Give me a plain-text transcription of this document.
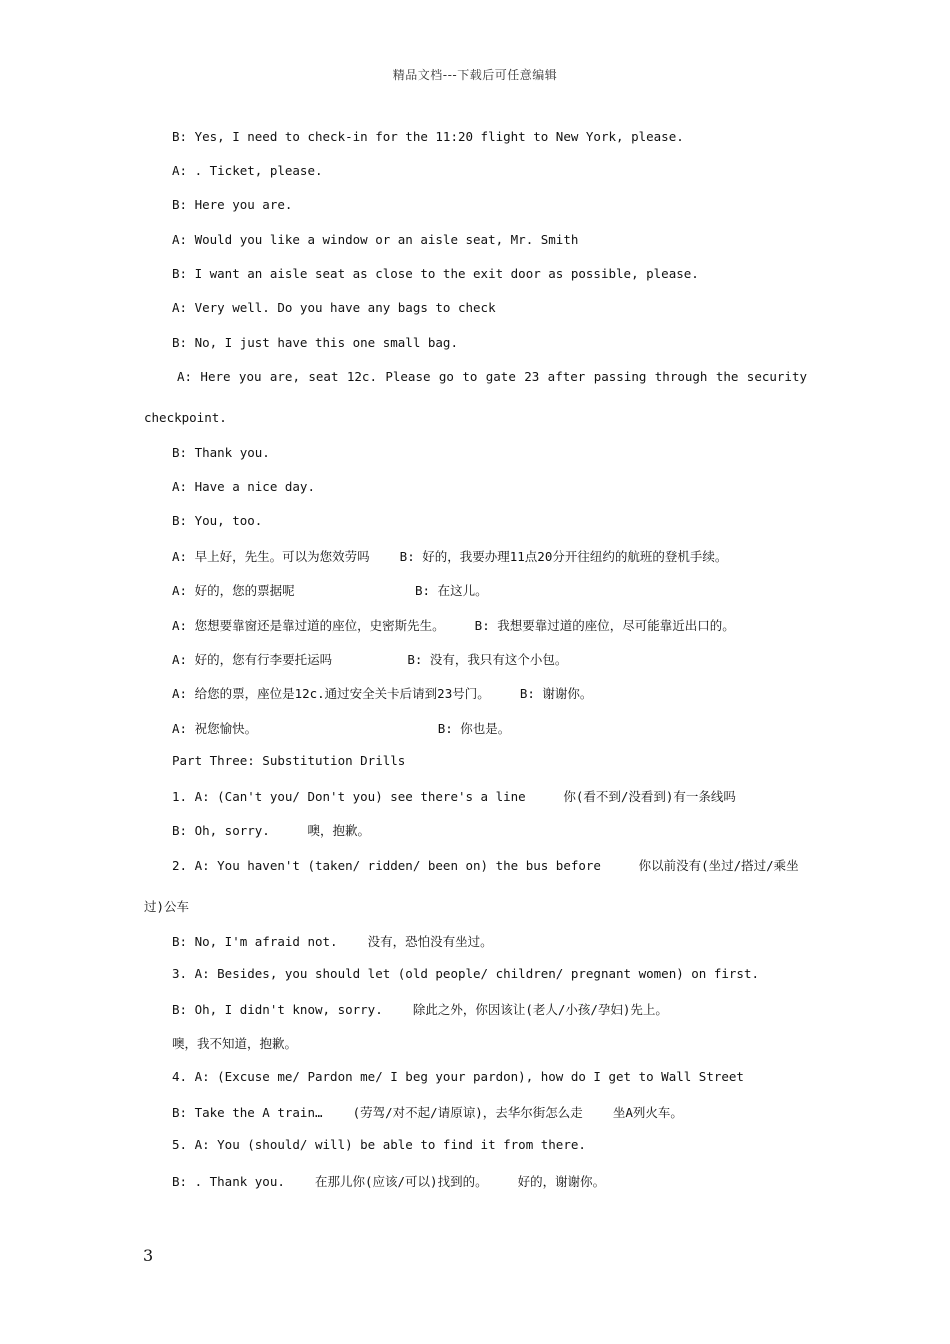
精品文档---下载后可任意编辑
B: Yes, I need to check-in for the 11:20 flight to New York, please.
A: . Ticket, please.
B: Here you are.
A: Would you like a window or an aisle seat, Mr. Smith
B: I want an aisle seat as close to the exit door as possible, please.
A: Very well. Do you have any bags to check
B: No, I just have this one small bag.
A: Here you are, seat 12c. Please go to gate 23 after passing through the security
checkpoint.
B: Thank you.
A: Have a nice day.
B: You, too.
A: 早上好，先生。可以为您效劳吗    B: 好的，我要办理11点20分开往纽约的航班的登机手续。
A: 好的，您的票据呢                B: 在这儿。
A: 您想要靠窗还是靠过道的座位，史密斯先生。    B: 我想要靠过道的座位，尽可能靠近出口的。
A: 好的，您有行李要托运吗          B: 没有，我只有这个小包。
A: 给您的票，座位是12c.通过安全关卡后请到23号门。    B: 谢谢你。
A: 祝您愉快。                        B: 你也是。
Part Three: Substitution Drills
1. A: (Can't you/ Don't you) see there's a line     你(看不到/没看到)有一条线吗
B: Oh, sorry.     噢，抱歉。
2. A: You haven't (taken/ ridden/ been on) the bus before     你以前没有(坐过/搭过/乘坐
过)公车
B: No, I'm afraid not.    没有，恐怕没有坐过。
3. A: Besides, you should let (old people/ children/ pregnant women) on first.
B: Oh, I didn't know, sorry.    除此之外，你因该让(老人/小孩/孕妇)先上。
噢，我不知道，抱歉。
4. A: (Excuse me/ Pardon me/ I beg your pardon), how do I get to Wall Street
B: Take the A train…    (劳驾/对不起/请原谅)，去华尔街怎么走    坐A列火车。
5. A: You (should/ will) be able to find it from there.
B: . Thank you.    在那儿你(应该/可以)找到的。    好的，谢谢你。
3
